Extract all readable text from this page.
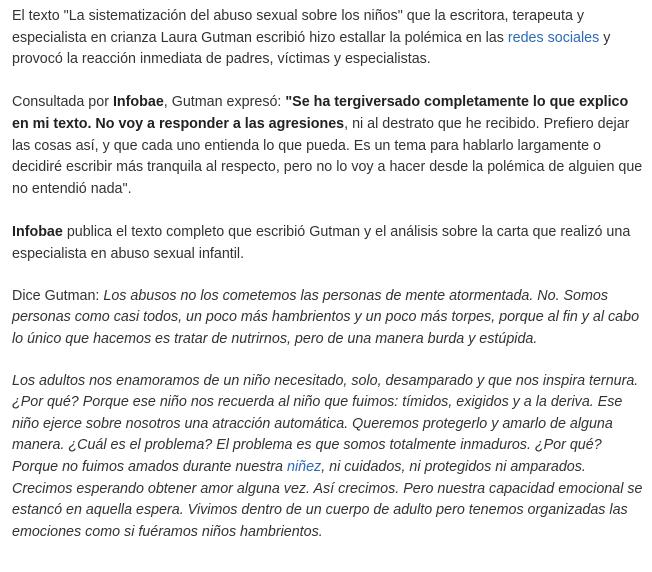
El texto "La sistematización del abuso sexual sobre los niños" que la escritora, terapeuta y especialista en crianza Laura Gutman escribió hizo estallar la polémica en las redes sociales y provocó la reacción inmediata de padres, víctimas y especialistas.

Consultada por Infobae, Gutman expresó: "Se ha tergiversado completamente lo que explico en mi texto. No voy a responder a las agresiones, ni al destrato que he recibido. Prefiero dejar las cosas así, y que cada uno entienda lo que pueda. Es un tema para hablarlo largamente o decidiré escribir más tranquila al respecto, pero no lo voy a hacer desde la polémica de alguien que no entendió nada".

Infobae publica el texto completo que escribió Gutman y el análisis sobre la carta que realizó una especialista en abuso sexual infantil.

Dice Gutman: Los abusos no los cometemos las personas de mente atormentada. No. Somos personas como casi todos, un poco más hambrientos y un poco más torpes, porque al fin y al cabo lo único que hacemos es tratar de nutrirnos, pero de una manera burda y estúpida.

Los adultos nos enamoramos de un niño necesitado, solo, desamparado y que nos inspira ternura. ¿Por qué? Porque ese niño nos recuerda al niño que fuimos: tímidos, exigidos y a la deriva. Ese niño ejerce sobre nosotros una atracción automática. Queremos protegerlo y amarlo de alguna manera. ¿Cuál es el problema? El problema es que somos totalmente inmaduros. ¿Por qué? Porque no fuimos amados durante nuestra niñez, ni cuidados, ni protegidos ni amparados. Crecimos esperando obtener amor alguna vez. Así crecimos. Pero nuestra capacidad emocional se estancó en aquella espera. Vivimos dentro de un cuerpo de adulto pero tenemos organizadas las emociones como si fuéramos niños hambrientos.
